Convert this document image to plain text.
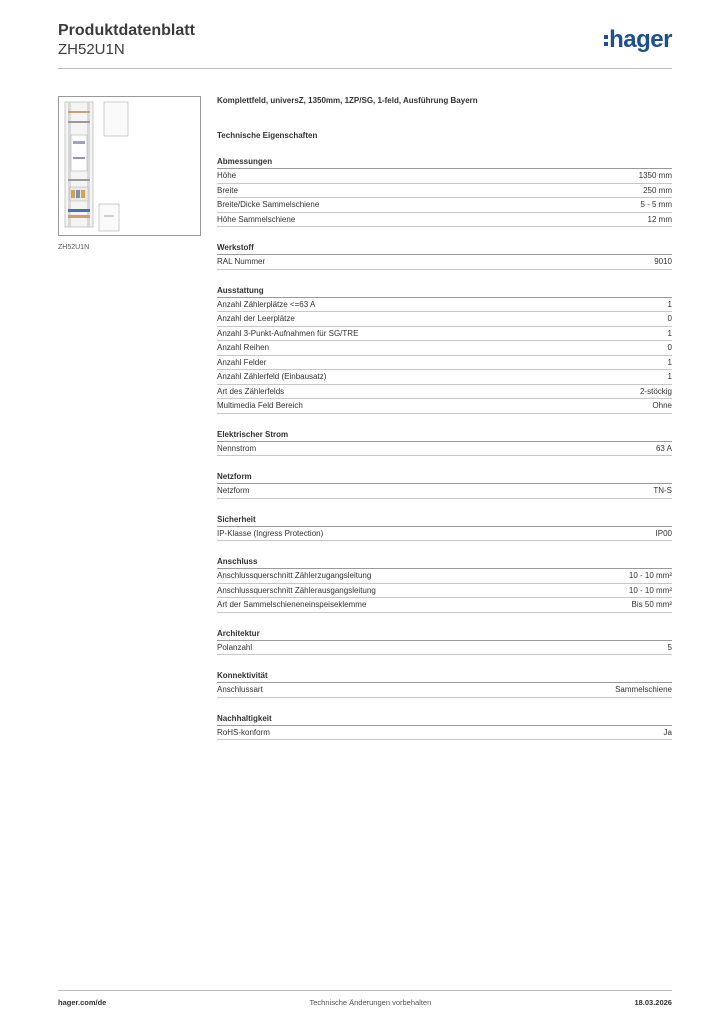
Produktdatenblatt
ZH52U1N	hager
ZH52U1N
Komplettfeld, universZ, 1350mm, 1ZP/SG, 1-feld, Ausführung Bayern
Technische Eigenschaften
Abmessungen
Höhe	1350 mm
Breite	250 mm
Breite/Dicke Sammelschiene	5 - 5 mm
Höhe Sammelschiene	12 mm
Werkstoff
RAL Nummer	9010
Ausstattung
Anzahl Zählerplätze <=63 A	1
Anzahl der Leerplätze	0
Anzahl 3-Punkt-Aufnahmen für SG/TRE	1
Anzahl Reihen	0
Anzahl Felder	1
Anzahl Zählerfeld (Einbausatz)	1
Art des Zählerfelds	2-stöckig
Multimedia Feld Bereich	Ohne
Elektrischer Strom
Nennstrom	63 A
Netzform
Netzform	TN-S
Sicherheit
IP-Klasse (Ingress Protection)	IP00
Anschluss
Anschlussquerschnitt Zählerzugangsleitung	10 - 10 mm²
Anschlussquerschnitt Zählerausgangsleitung	10 - 10 mm²
Art der Sammelschieneneinspeiseklemme	Bis 50 mm²
Architektur
Polanzahl	5
Konnektivität
Anschlussart	Sammelschiene
Nachhaltigkeit
RoHS-konform	Ja
hager.com/de	Technische Änderungen vorbehalten	18.03.2026
